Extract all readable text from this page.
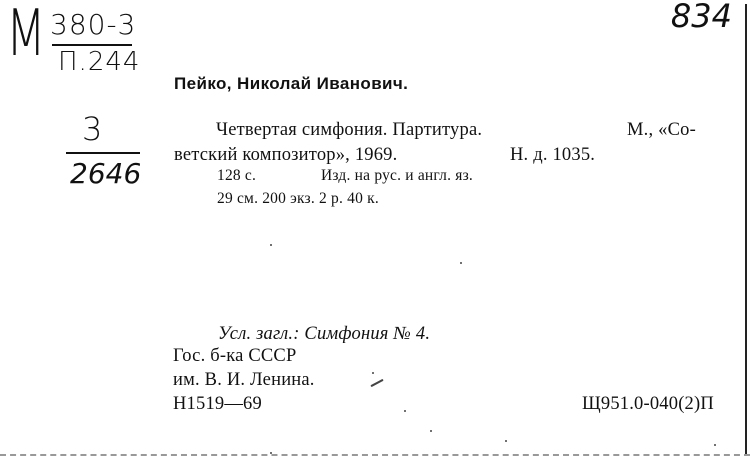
М 380-3
П.244
834
3
2646
Пейко, Николай Иванович.
Четвертая симфония. Партитура.	М., «Со-
ветский композитор», 1969.	Н. д. 1035.
128 с.	Изд. на рус. и англ. яз.
29 см. 200 экз. 2 р. 40 к.
Усл. загл.: Симфония № 4.
Гос. б-ка СССР
им. В. И. Ленина.
Н1519—69	Щ951.0-040(2)П
